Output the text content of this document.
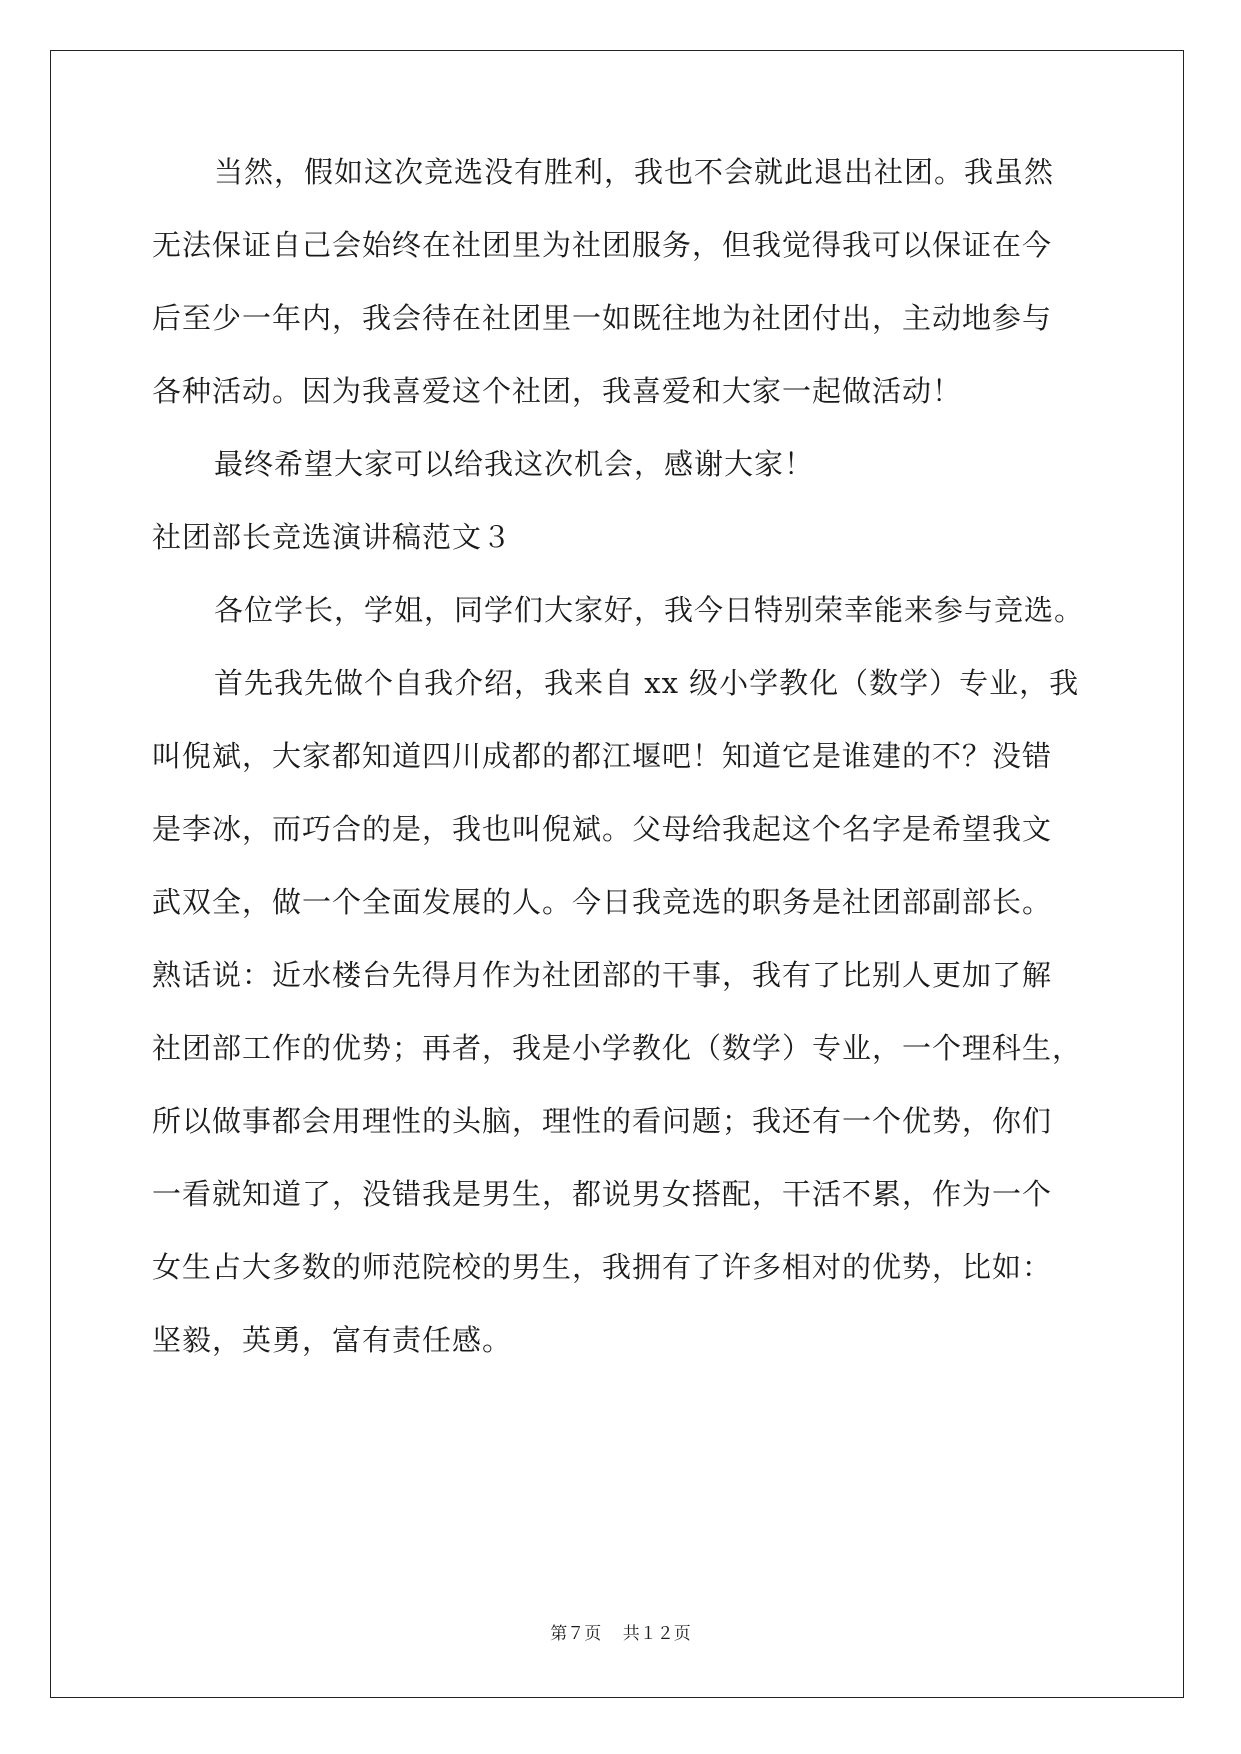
当然，假如这次竞选没有胜利，我也不会就此退出社团。我虽然
无法保证自己会始终在社团里为社团服务，但我觉得我可以保证在今
后至少一年内，我会待在社团里一如既往地为社团付出，主动地参与
各种活动。因为我喜爱这个社团，我喜爱和大家一起做活动！
最终希望大家可以给我这次机会，感谢大家！
社团部长竞选演讲稿范文３
各位学长，学姐，同学们大家好，我今日特别荣幸能来参与竞选。
首先我先做个自我介绍，我来自 xx 级小学教化（数学）专业，我
叫倪斌，大家都知道四川成都的都江堰吧！知道它是谁建的不？没错
是李冰，而巧合的是，我也叫倪斌。父母给我起这个名字是希望我文
武双全，做一个全面发展的人。今日我竞选的职务是社团部副部长。
熟话说：近水楼台先得月作为社团部的干事，我有了比别人更加了解
社团部工作的优势；再者，我是小学教化（数学）专业，一个理科生，
所以做事都会用理性的头脑，理性的看问题；我还有一个优势，你们
一看就知道了，没错我是男生，都说男女搭配，干活不累，作为一个
女生占大多数的师范院校的男生，我拥有了许多相对的优势，比如：
坚毅，英勇，富有责任感。
第７页 共１２页
